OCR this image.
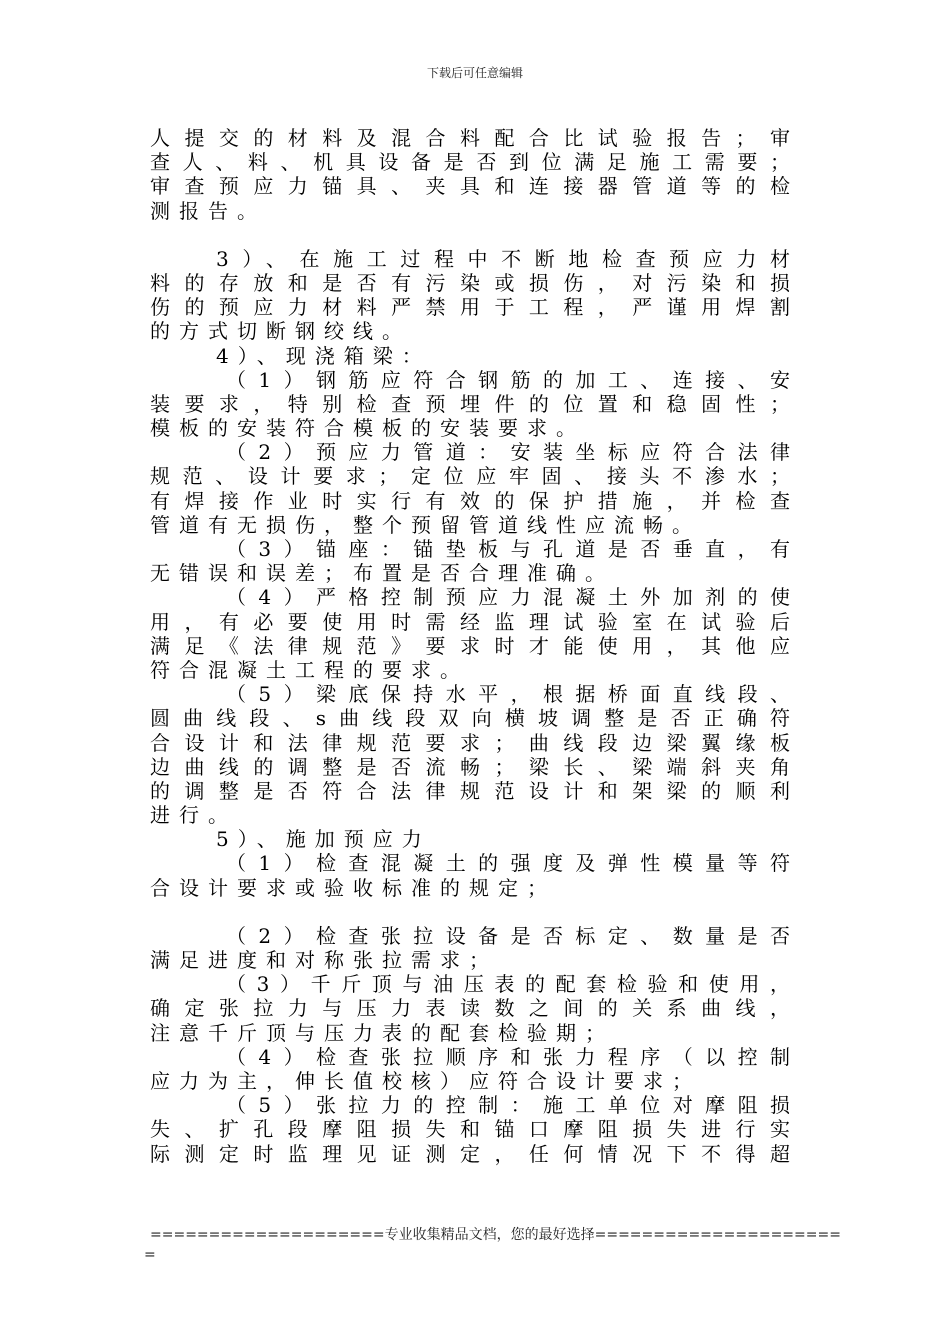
下载后可任意编辑
人提交的材料及混合料配合比试验报告；审
查人、料、机具设备是否到位满足施工需要；
审查预应力锚具、夹具和连接器管道等的检
测报告。
3）、在施工过程中不断地检查预应力材
料的存放和是否有污染或损伤，对污染和损
伤的预应力材料严禁用于工程，严谨用焊割
的方式切断钢绞线。
4）、现浇箱梁：
（1）钢筋应符合钢筋的加工、连接、安
装要求，特别检查预埋件的位置和稳固性；
模板的安装符合模板的安装要求。
（2）预应力管道：安装坐标应符合法律
规范、设计要求；定位应牢固、接头不渗水；
有焊接作业时实行有效的保护措施，并检查
管道有无损伤，整个预留管道线性应流畅。
（3）锚座：锚垫板与孔道是否垂直，有
无错误和误差；布置是否合理准确。
（4）严格控制预应力混凝土外加剂的使
用，有必要使用时需经监理试验室在试验后
满足《法律规范》要求时才能使用，其他应
符合混凝土工程的要求。
（5）梁底保持水平，根据桥面直线段、
圆曲线段、s曲线段双向横坡调整是否正确符
合设计和法律规范要求；曲线段边梁翼缘板
边曲线的调整是否流畅；梁长、梁端斜夹角
的调整是否符合法律规范设计和架梁的顺利
进行。
5）、施加预应力
（1）检查混凝土的强度及弹性模量等符
合设计要求或验收标准的规定；
（2）检查张拉设备是否标定、数量是否
满足进度和对称张拉需求；
（3）千斤顶与油压表的配套检验和使用，
确定张拉力与压力表读数之间的关系曲线，
注意千斤顶与压力表的配套检验期；
（4）检查张拉顺序和张力程序（以控制
应力为主，伸长值校核）应符合设计要求；
（5）张拉力的控制：施工单位对摩阻损
失、扩孔段摩阻损失和锚口摩阻损失进行实
际测定时监理见证测定，任何情况下不得超
====================专业收集精品文档，您的最好选择=====================
=
